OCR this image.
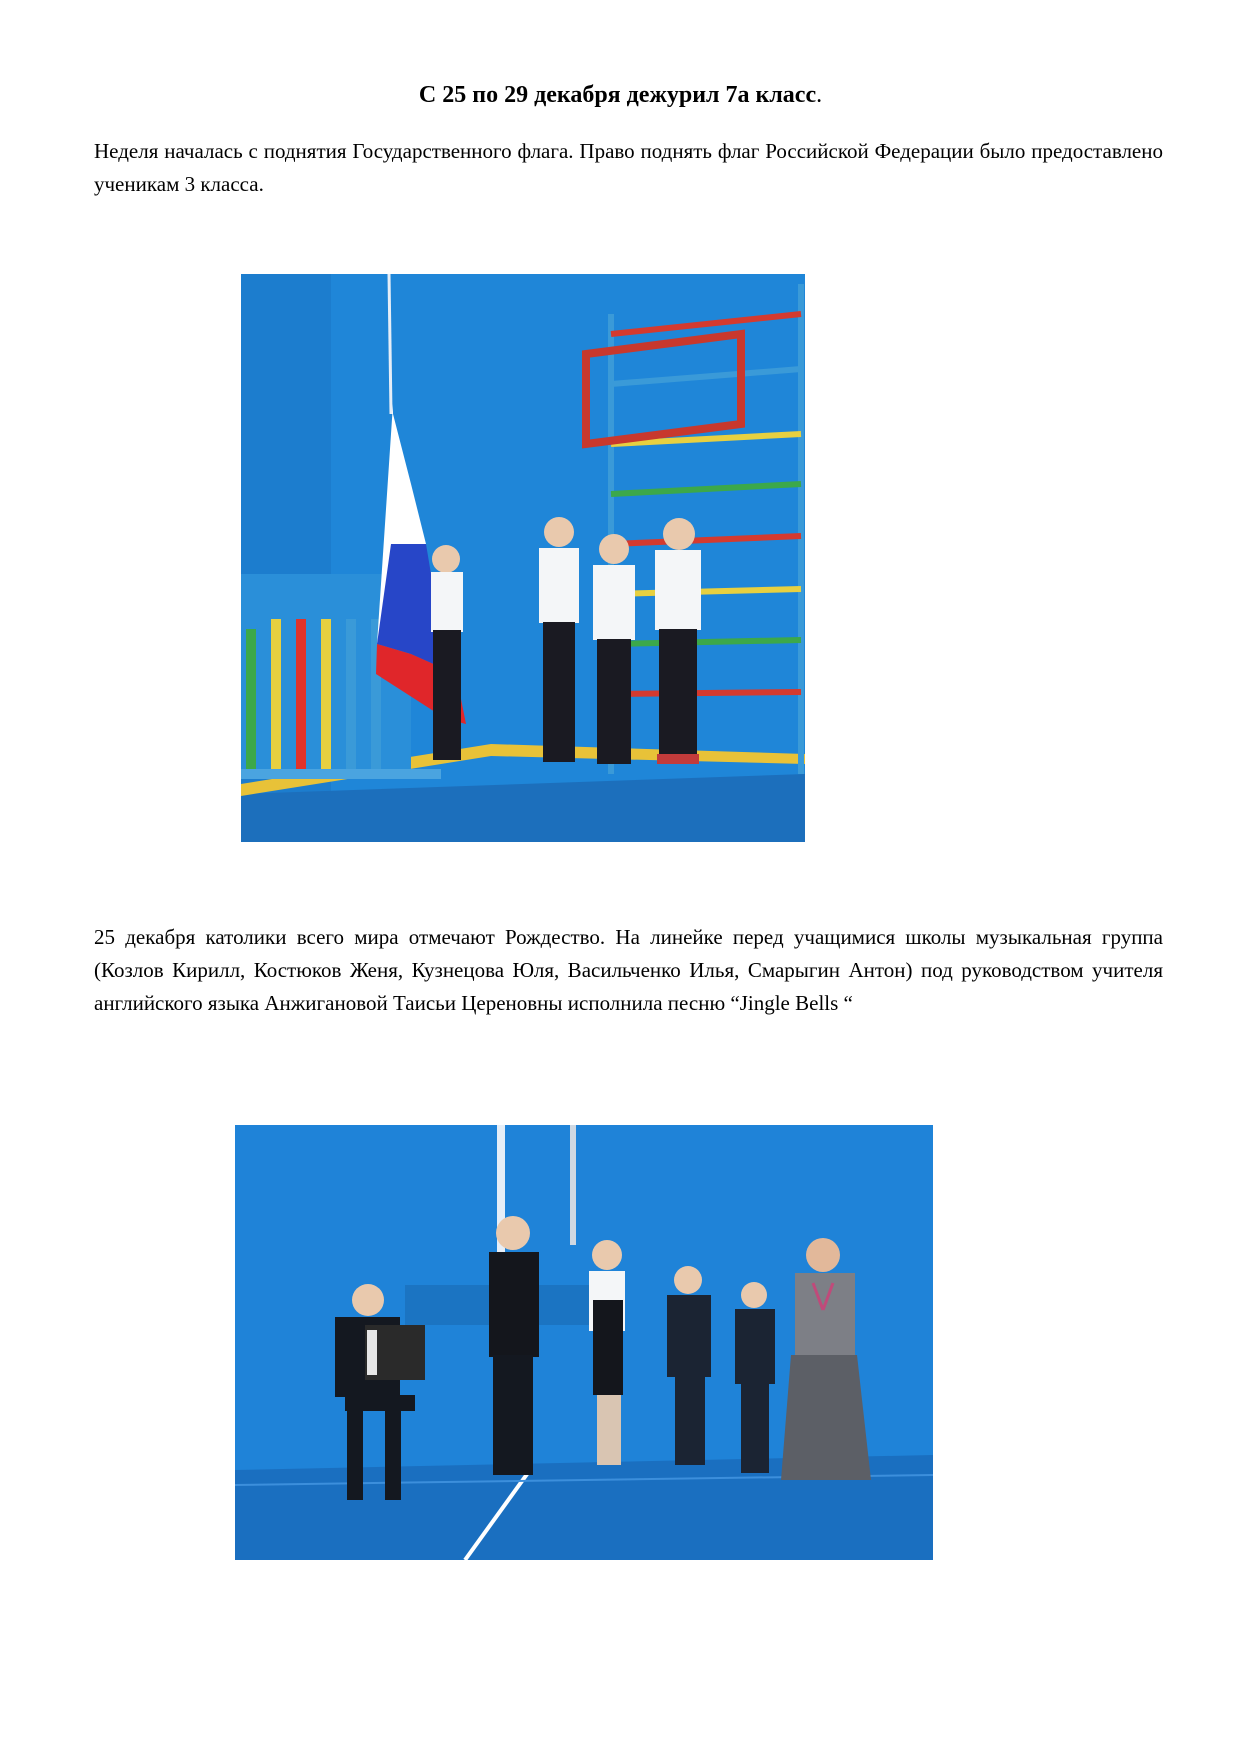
С 25 по 29 декабря дежурил 7а класс.
Неделя началась с поднятия Государственного флага. Право поднять флаг Российской Федерации было предоставлено ученикам 3 класса.
25 декабря католики всего мира отмечают Рождество. На линейке перед учащимися школы музыкальная группа (Козлов Кирилл, Костюков Женя, Кузнецова Юля, Васильченко Илья, Смарыгин Антон) под руководством учителя английского языка Анжигановой Таисьи Цереновны исполнила песню “Jingle Bells “
